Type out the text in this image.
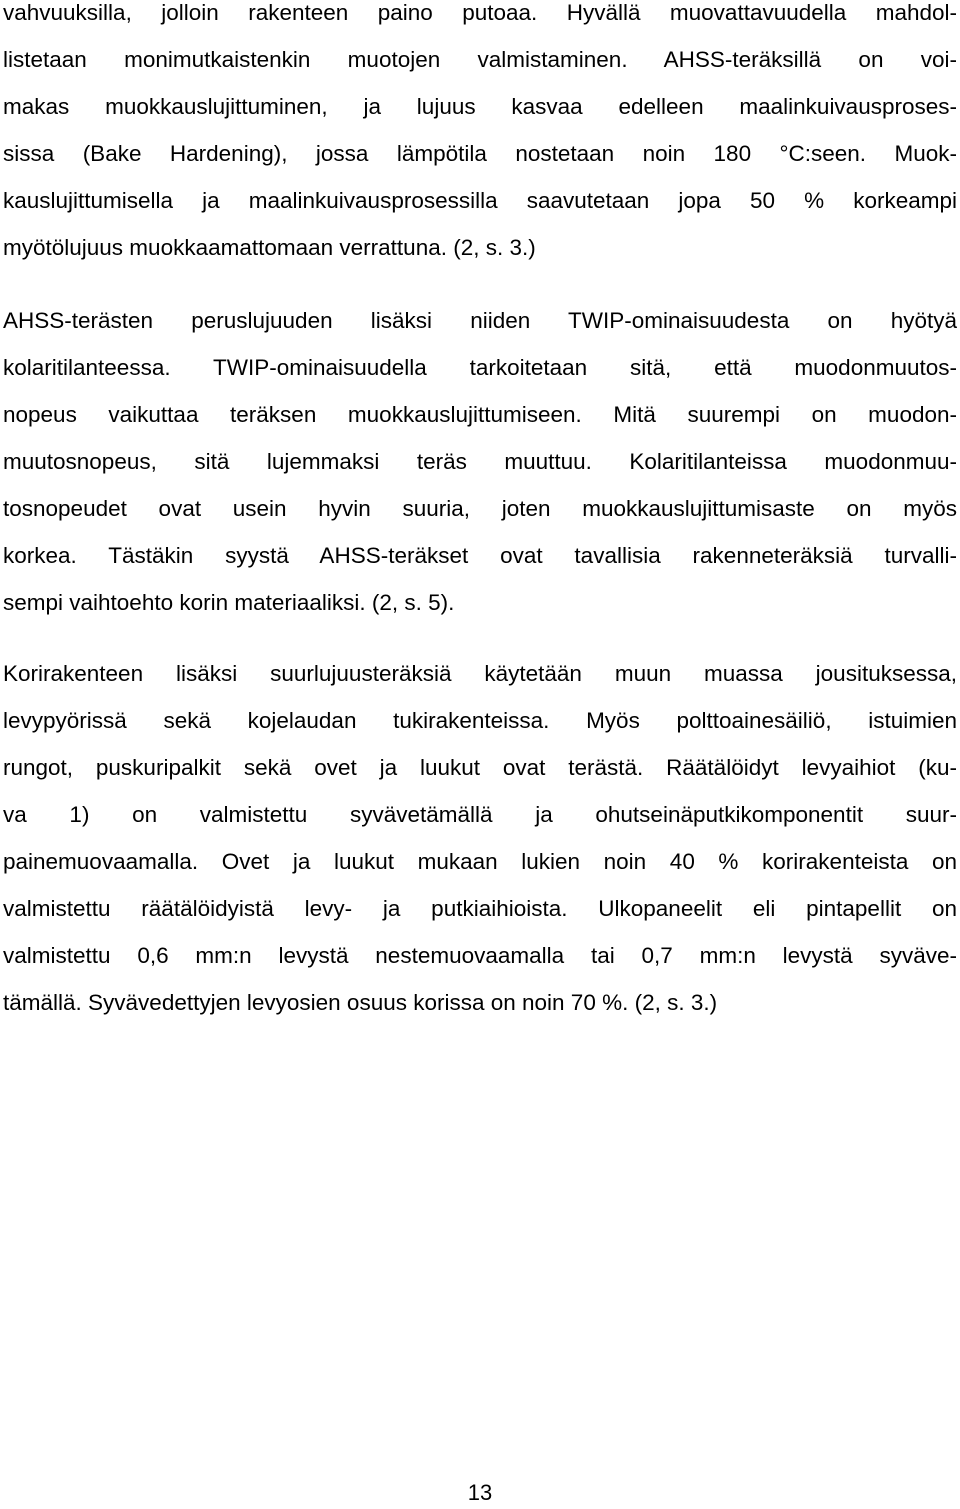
vahvuuksilla, jolloin rakenteen paino putoaa. Hyvällä muovattavuudella mahdol-
listetaan monimutkaistenkin muotojen valmistaminen. AHSS-teräksillä on voi-
makas muokkauslujittuminen, ja lujuus kasvaa edelleen maalinkuivausproses-
sissa (Bake Hardening), jossa lämpötila nostetaan noin 180 °C:seen. Muok-
kauslujittumisella ja maalinkuivausprosessilla saavutetaan jopa 50 % korkeampi
myötölujuus muokkaamattomaan verrattuna. (2, s. 3.)
AHSS-terästen peruslujuuden lisäksi niiden TWIP-ominaisuudesta on hyötyä
kolaritilanteessa. TWIP-ominaisuudella tarkoitetaan sitä, että muodonmuutos-
nopeus vaikuttaa teräksen muokkauslujittumiseen. Mitä suurempi on muodon-
muutosnopeus, sitä lujemmaksi teräs muuttuu. Kolaritilanteissa muodonmuu-
tosnopeudet ovat usein hyvin suuria, joten muokkauslujittumisaste on myös
korkea. Tästäkin syystä AHSS-teräkset ovat tavallisia rakenneteräksiä turvalli-
sempi vaihtoehto korin materiaaliksi. (2, s. 5).
Korirakenteen lisäksi suurlujuusteräksiä käytetään muun muassa jousituksessa,
levypyörissä sekä kojelaudan tukirakenteissa. Myös polttoainesäiliö, istuimien
rungot, puskuripalkit sekä ovet ja luukut ovat terästä. Räätälöidyt levyaihiot (ku-
va 1) on valmistettu syvävetämällä ja ohutseinäputkikomponentit suur-
painemuovaamalla. Ovet ja luukut mukaan lukien noin 40 % korirakenteista on
valmistettu räätälöidyistä levy- ja putkiaihioista. Ulkopaneelit eli pintapellit on
valmistettu 0,6 mm:n levystä nestemuovaamalla tai 0,7 mm:n levystä syväve-
tämällä. Syvävedettyjen levyosien osuus korissa on noin 70 %. (2, s. 3.)
13
